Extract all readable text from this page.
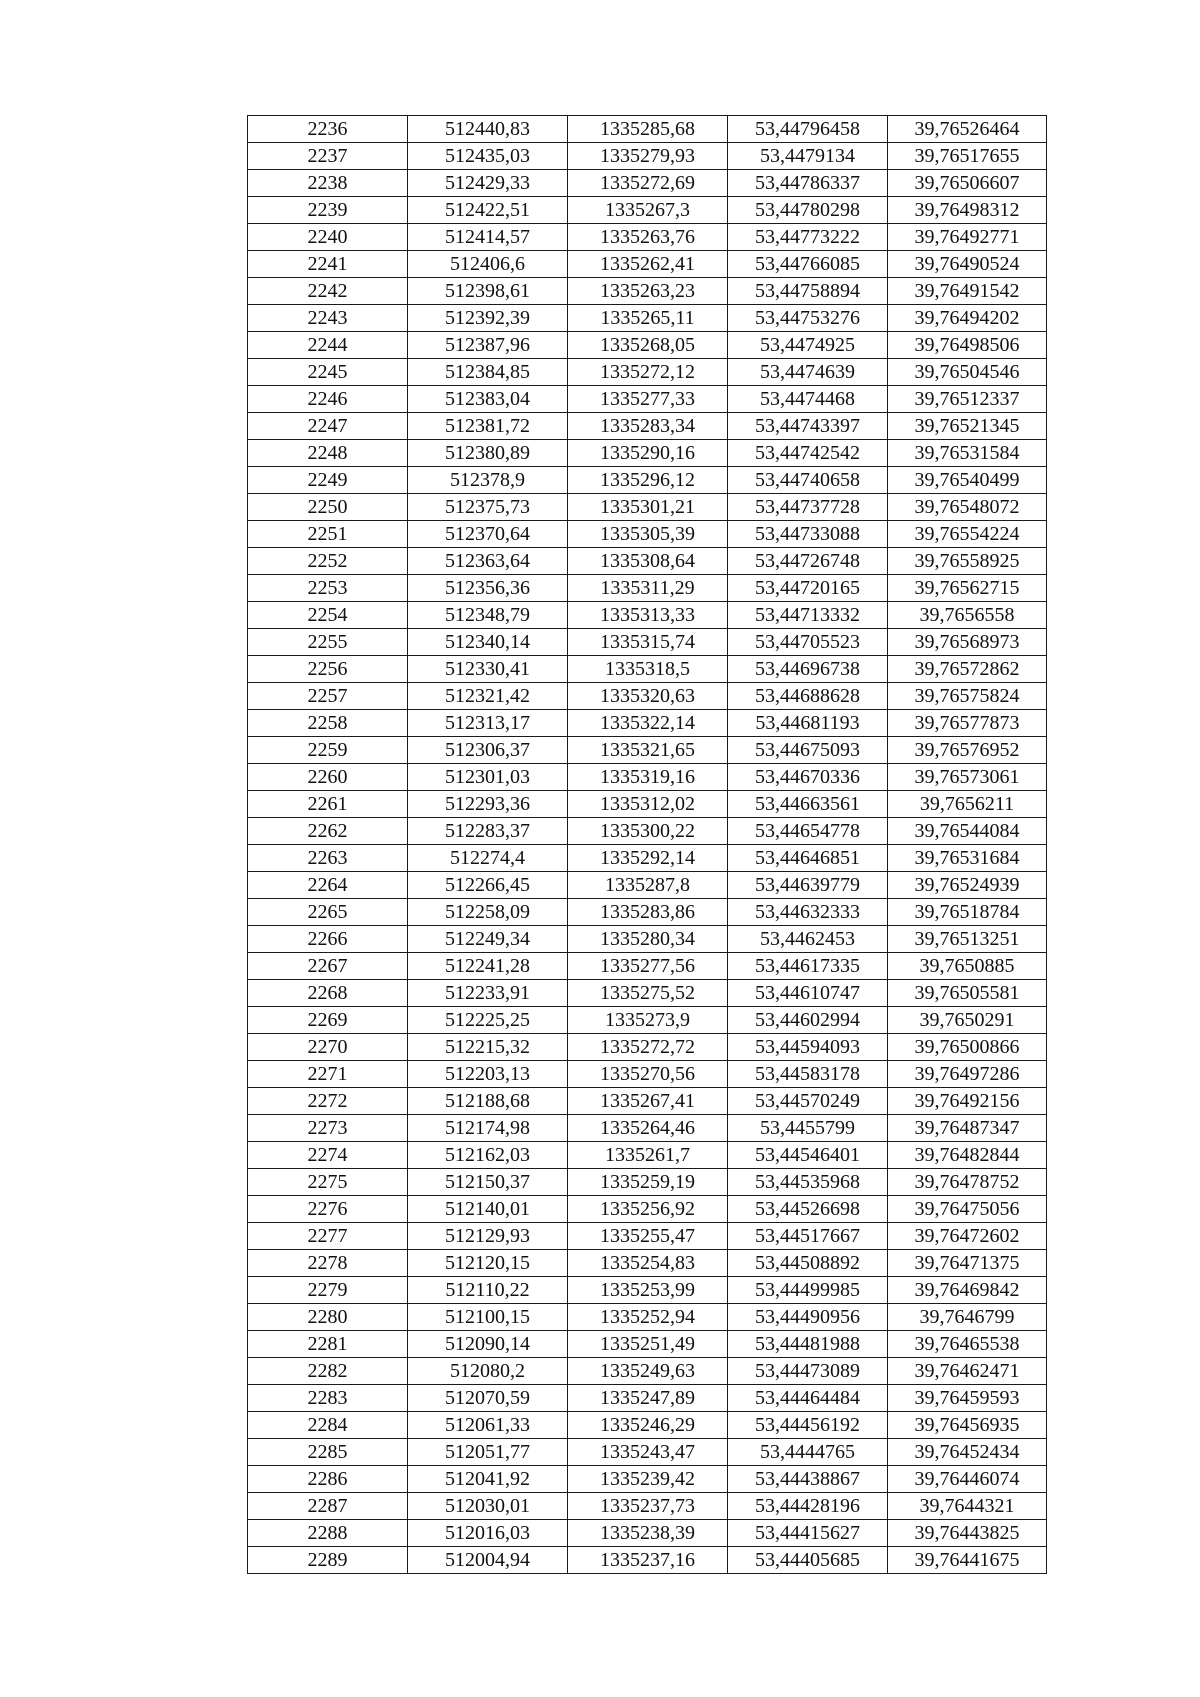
2236	512440,83	1335285,68	53,44796458	39,76526464
2237	512435,03	1335279,93	53,4479134	39,76517655
2238	512429,33	1335272,69	53,44786337	39,76506607
2239	512422,51	1335267,3	53,44780298	39,76498312
2240	512414,57	1335263,76	53,44773222	39,76492771
2241	512406,6	1335262,41	53,44766085	39,76490524
2242	512398,61	1335263,23	53,44758894	39,76491542
2243	512392,39	1335265,11	53,44753276	39,76494202
2244	512387,96	1335268,05	53,4474925	39,76498506
2245	512384,85	1335272,12	53,4474639	39,76504546
2246	512383,04	1335277,33	53,4474468	39,76512337
2247	512381,72	1335283,34	53,44743397	39,76521345
2248	512380,89	1335290,16	53,44742542	39,76531584
2249	512378,9	1335296,12	53,44740658	39,76540499
2250	512375,73	1335301,21	53,44737728	39,76548072
2251	512370,64	1335305,39	53,44733088	39,76554224
2252	512363,64	1335308,64	53,44726748	39,76558925
2253	512356,36	1335311,29	53,44720165	39,76562715
2254	512348,79	1335313,33	53,44713332	39,7656558
2255	512340,14	1335315,74	53,44705523	39,76568973
2256	512330,41	1335318,5	53,44696738	39,76572862
2257	512321,42	1335320,63	53,44688628	39,76575824
2258	512313,17	1335322,14	53,44681193	39,76577873
2259	512306,37	1335321,65	53,44675093	39,76576952
2260	512301,03	1335319,16	53,44670336	39,76573061
2261	512293,36	1335312,02	53,44663561	39,7656211
2262	512283,37	1335300,22	53,44654778	39,76544084
2263	512274,4	1335292,14	53,44646851	39,76531684
2264	512266,45	1335287,8	53,44639779	39,76524939
2265	512258,09	1335283,86	53,44632333	39,76518784
2266	512249,34	1335280,34	53,4462453	39,76513251
2267	512241,28	1335277,56	53,44617335	39,7650885
2268	512233,91	1335275,52	53,44610747	39,76505581
2269	512225,25	1335273,9	53,44602994	39,7650291
2270	512215,32	1335272,72	53,44594093	39,76500866
2271	512203,13	1335270,56	53,44583178	39,76497286
2272	512188,68	1335267,41	53,44570249	39,76492156
2273	512174,98	1335264,46	53,4455799	39,76487347
2274	512162,03	1335261,7	53,44546401	39,76482844
2275	512150,37	1335259,19	53,44535968	39,76478752
2276	512140,01	1335256,92	53,44526698	39,76475056
2277	512129,93	1335255,47	53,44517667	39,76472602
2278	512120,15	1335254,83	53,44508892	39,76471375
2279	512110,22	1335253,99	53,44499985	39,76469842
2280	512100,15	1335252,94	53,44490956	39,7646799
2281	512090,14	1335251,49	53,44481988	39,76465538
2282	512080,2	1335249,63	53,44473089	39,76462471
2283	512070,59	1335247,89	53,44464484	39,76459593
2284	512061,33	1335246,29	53,44456192	39,76456935
2285	512051,77	1335243,47	53,4444765	39,76452434
2286	512041,92	1335239,42	53,44438867	39,76446074
2287	512030,01	1335237,73	53,44428196	39,7644321
2288	512016,03	1335238,39	53,44415627	39,76443825
2289	512004,94	1335237,16	53,44405685	39,76441675
